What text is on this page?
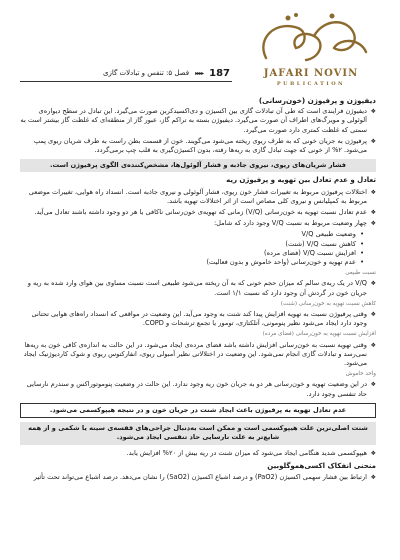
JAFARI NOVIN
PUBLICATION
187
▸▸▸▸
فصل ۵: تنفس و تبادلات گازی
دیفیوژن و پرفیوژن (خون‌رسانی)
❖ دیفیوژن فرایندی است که طی آن تبادلات گازی بین اکسیژن و دی‌اکسیدکربن صورت می‌گیرد. این تبادل در سطح دیواره‌ی آلوئولی و مویرگ‌های اطراف آن صورت می‌گیرد. دیفیوژن بسته به تراکم گاز، عبور گاز از منطقه‌ای که غلظت گاز بیشتر است به سمتی که غلظت کمتری دارد صورت می‌گیرد.
❖ پرفیوژن به جریان خونی که به طرف ریوی ریخته می‌شود می‌گویند. خون از قسمت بطن راست به طرف شریان ریوی پمپ می‌شود. ۲% از خونی که جهت تبادل گازی به ریه‌ها رفته، بدون اکسیژن‌گیری به قلب چپ برمی‌گردد.
فشار شریان‌های ریوی، نیروی جاذبه و فشار آلوئول‌ها، مشخص‌کننده‌ی الگوی پرفیوژن است.
تعادل و عدم تعادل بین تهویه و پرفیوژن ریه
❖ اختلالات پرفیوژن مربوط به تغییرات فشار خون ریوی، فشار آلوئولی و نیروی جاذبه است. انسداد راه هوایی، تغییرات موضعی مربوط به کمپلیانس و نیروی کلی مصاص است از اثر اختلالات تهویه باشد.
❖ عدم تعادل نسبت تهویه به خون‌رسانی (V/Q) زمانی که تهویه‌ی خون‌رسانی ناکافی یا هر دو وجود داشته باشند تعادل می‌آید.
❖ چهار وضعیت مربوط به نسبت V/Q وجود دارد که شامل:
• وضعیت طبیعی V/Q
• کاهش نسبت V/Q (شنت)
• افزایش نسبت V/Q (فضای مرده)
• عدم تهویه و خون‌رسانی (واحد خاموش و بدون فعالیت)
نسبت طبیعی
❖ V/Q در یک ریه‌ی سالم که میزان حجم خونی که به آن ریخته می‌شود طبیعی است نسبت مساوی بین هوای وارد شده به ریه و جریان خون در گردش آن وجود دارد که نسبت ۱/۱ است.
کاهش نسبت تهویه به خون‌رسانی (شنت)
❖ وقتی پرفیوژن نسبت به تهویه افزایش پیدا کند شنت به وجود می‌آید. این وضعیت در مواقعی که انسداد راه‌های هوایی تحتانی وجود دارد ایجاد می‌شود نظیر پنومونی، آتلکتازی، تومور یا تجمع ترشحات و COPD.
افزایش نسبت تهویه به خون‌رسانی (فضای مرده)
❖ وقتی تهویه نسبت به خون‌رسانی افزایش داشته باشد فضای مرده‌ی ایجاد می‌شود. در این حالت به اندازه‌ی کافی خون به ریه‌ها نمی‌رسد و تبادلات گازی انجام نمی‌شود. این وضعیت در اختلالاتی نظیر آمبولی ریوی، انفارکتوس ریوی و شوک کاردیوژنیک ایجاد می‌شود.
واحد خاموش
❖ در این وضعیت تهویه و خون‌رسانی هر دو به جریان خون ریه وجود ندارد. این حالت در وضعیت پنوموتوراکس و سندرم نارسایی حاد تنفسی وجود دارد.
عدم تعادل تهویه به پرفیوژن باعث ایجاد شنت در جریان خون و در نتیجه هیپوکسمی می‌شود.
شنت اصلی‌ترین علت هیپوکسمی است و ممکن است به‌دنبال جراحی‌های قفسه‌ی سینه یا شکمی و از همه شایع‌تر به علت نارسایی حاد تنفسی ایجاد می‌شود.
❖ هیپوکسمی شدید هنگامی ایجاد می‌شود که میزان شنت در ریه بیش از ۲۰% افزایش یابد.
منحنی انفکاک اکسی‌هموگلوبین
❖ ارتباط بین فشار سهمی اکسیژن (PaO2) و درصد اشباع اکسیژن (SaO2) را نشان می‌دهد. درصد اشباع می‌تواند تحت تأثیر
